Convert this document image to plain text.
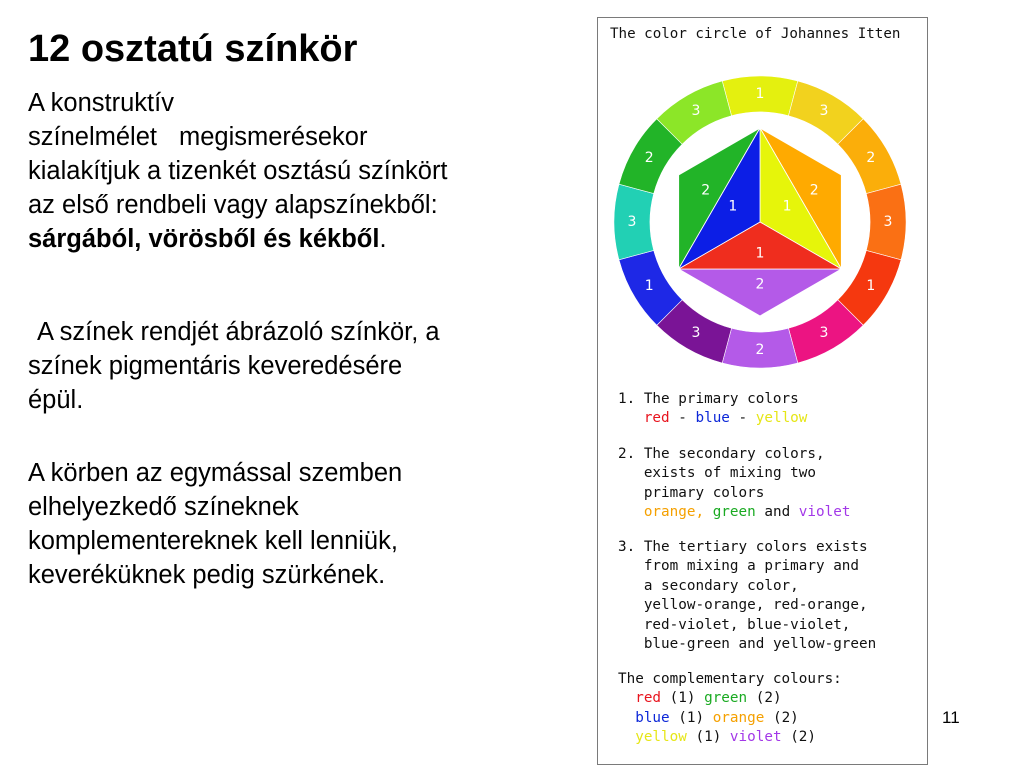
12 osztatú színkör

A konstruktív
színelmélet megismerésekor
kialakítjuk a tizenkét osztású színkört
az első rendbeli vagy alapszínekből:
sárgából, vörösből és kékből.

A színek rendjét ábrázoló színkör, a
színek pigmentáris keveredésére
épül.

A körben az egymással szemben
elhelyezkedő színeknek
komplementereknek kell lenniük,
keveréküknek pedig szürkének.

11
The color circle of Johannes Itten
1
3
2
3
1
3
2
3
1
3
2
3
2
2
2
1
1
1
1. The primary colors
red - blue - yellow
2. The secondary colors,
exists of mixing two
primary colors
orange, green and violet
3. The tertiary colors exists
from mixing a primary and
a secondary color,
yellow-orange, red-orange,
red-violet, blue-violet,
blue-green and yellow-green
The complementary colours:
red (1) green (2)
blue (1) orange (2)
yellow (1) violet (2)
